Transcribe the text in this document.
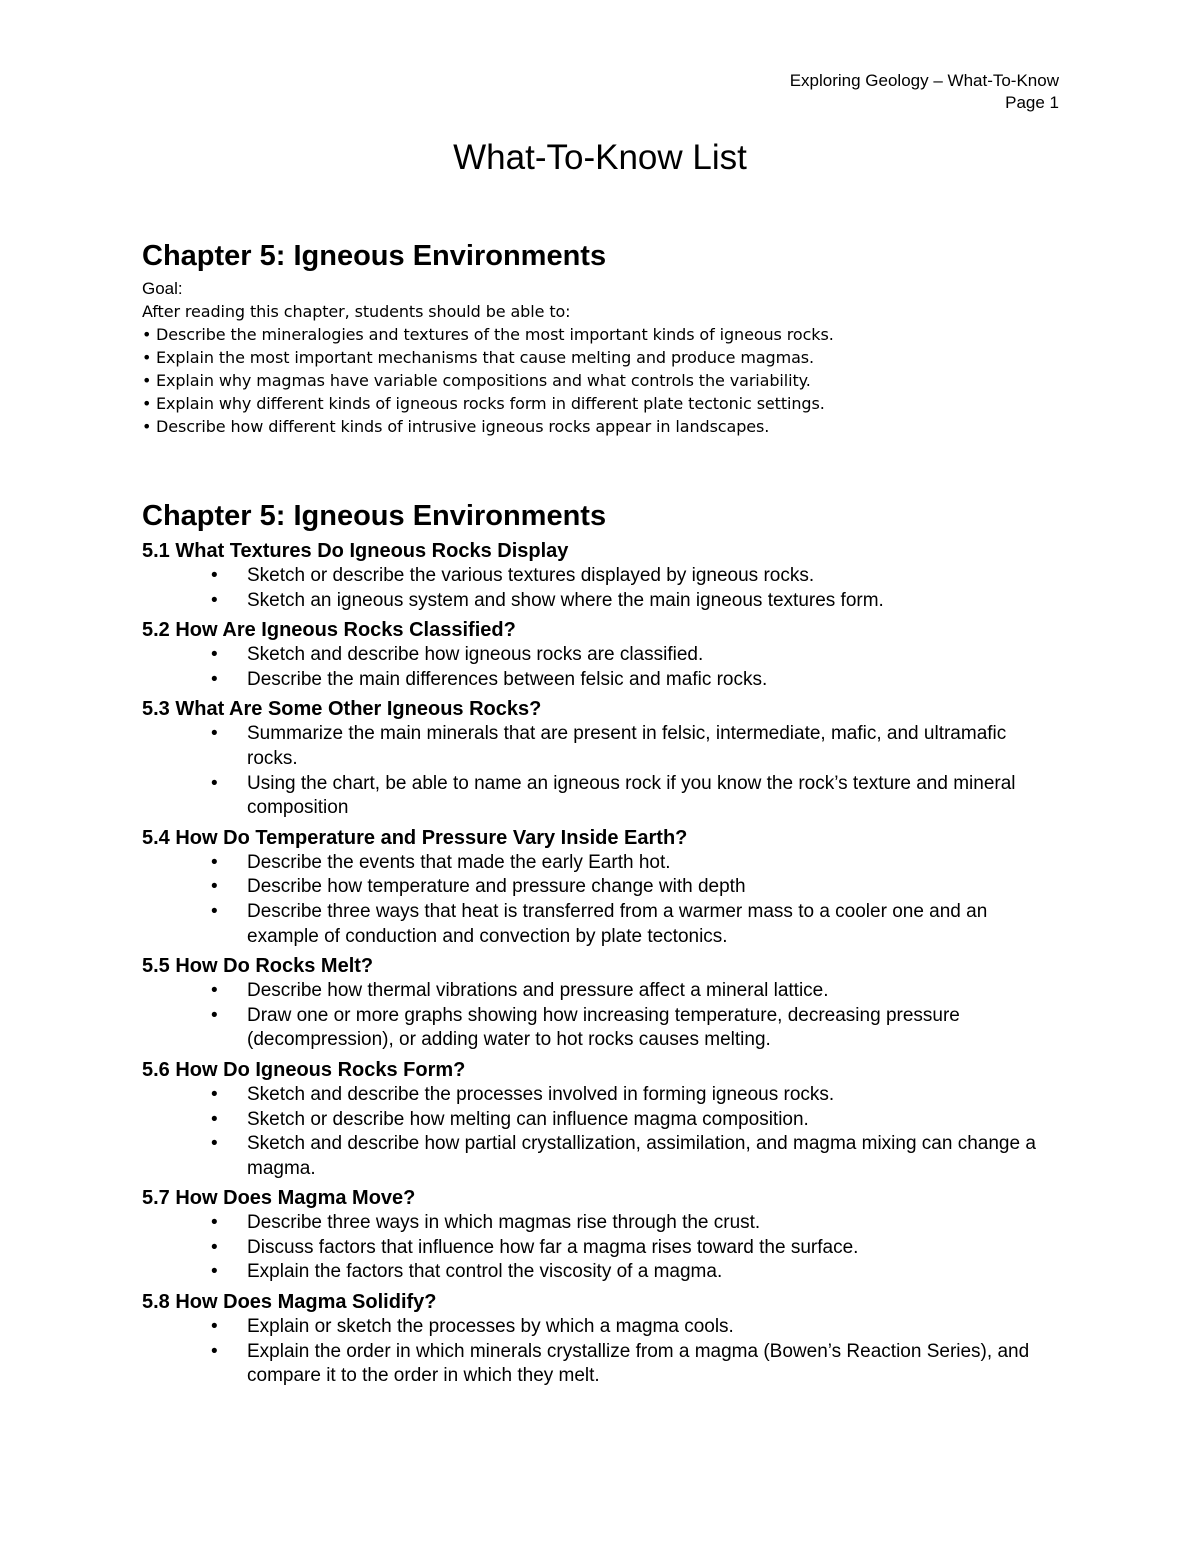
Exploring Geology – What-To-Know
Page 1
What-To-Know List
Chapter 5: Igneous Environments
Goal:
After reading this chapter, students should be able to:
• Describe the mineralogies and textures of the most important kinds of igneous rocks.
• Explain the most important mechanisms that cause melting and produce magmas.
• Explain why magmas have variable compositions and what controls the variability.
• Explain why different kinds of igneous rocks form in different plate tectonic settings.
• Describe how different kinds of intrusive igneous rocks appear in landscapes.
Chapter 5: Igneous Environments
5.1 What Textures Do Igneous Rocks Display
• Sketch or describe the various textures displayed by igneous rocks.
• Sketch an igneous system and show where the main igneous textures form.
5.2 How Are Igneous Rocks Classified?
• Sketch and describe how igneous rocks are classified.
• Describe the main differences between felsic and mafic rocks.
5.3 What Are Some Other Igneous Rocks?
• Summarize the main minerals that are present in felsic, intermediate, mafic, and ultramafic rocks.
• Using the chart, be able to name an igneous rock if you know the rock’s texture and mineral composition
5.4 How Do Temperature and Pressure Vary Inside Earth?
• Describe the events that made the early Earth hot.
• Describe how temperature and pressure change with depth
• Describe three ways that heat is transferred from a warmer mass to a cooler one and an example of conduction and convection by plate tectonics.
5.5 How Do Rocks Melt?
• Describe how thermal vibrations and pressure affect a mineral lattice.
• Draw one or more graphs showing how increasing temperature, decreasing pressure (decompression), or adding water to hot rocks causes melting.
5.6 How Do Igneous Rocks Form?
• Sketch and describe the processes involved in forming igneous rocks.
• Sketch or describe how melting can influence magma composition.
• Sketch and describe how partial crystallization, assimilation, and magma mixing can change a magma.
5.7 How Does Magma Move?
• Describe three ways in which magmas rise through the crust.
• Discuss factors that influence how far a magma rises toward the surface.
• Explain the factors that control the viscosity of a magma.
5.8 How Does Magma Solidify?
• Explain or sketch the processes by which a magma cools.
• Explain the order in which minerals crystallize from a magma (Bowen’s Reaction Series), and compare it to the order in which they melt.
